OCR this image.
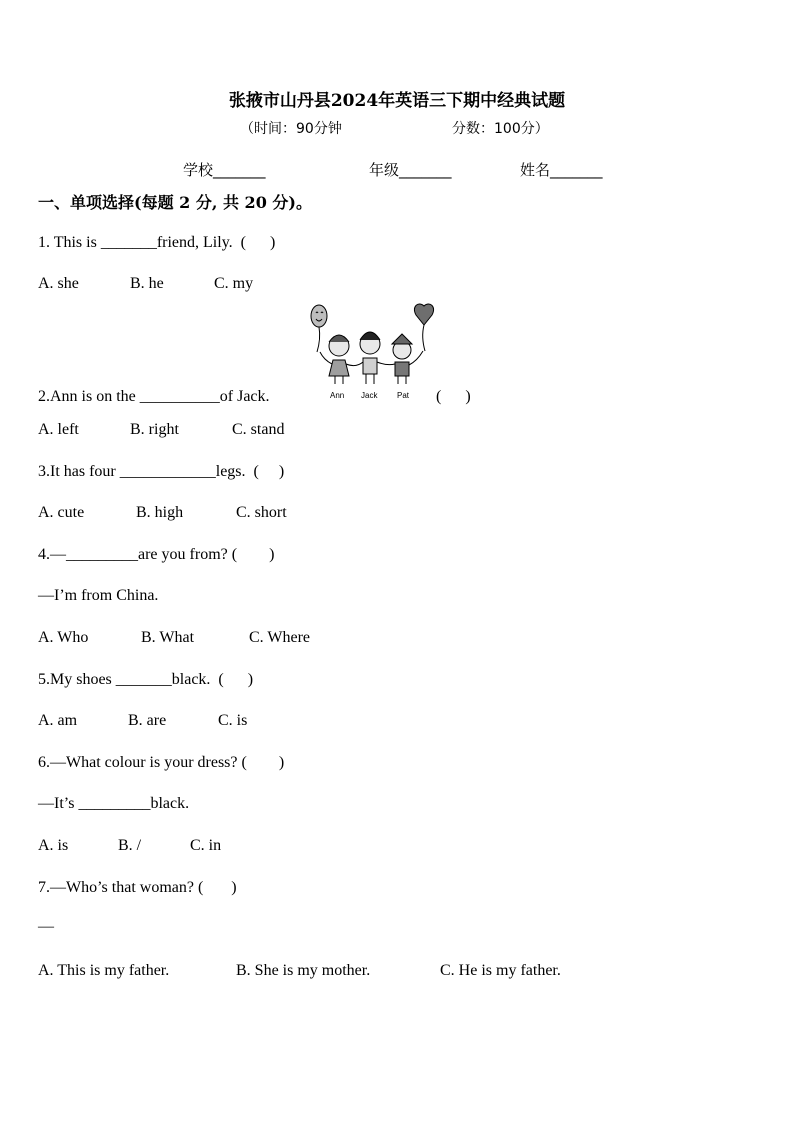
张掖市山丹县2024年英语三下期中经典试题
（时间：90分钟	分数：100分）
学校_______	年级_______	姓名_______
一、单项选择(每题 2 分, 共 20 分)。
1. This is _______friend, Lily.  (      )
A. she	B. he	C. my
Ann Jack Pat
2.Ann is on the __________of Jack.	(      )
A. left	B. right	C. stand
3.It has four ____________legs.  (     )
A. cute	B. high	C. short
4.—_________are you from? (        )
—I’m from China.
A. Who	B. What	C. Where
5.My shoes _______black.  (      )
A. am	B. are	C. is
6.—What colour is your dress? (        )
—It’s _________black.
A. is	B. /	C. in
7.—Who’s that woman? (       )
—
A. This is my father.	B. She is my mother.	C. He is my father.
